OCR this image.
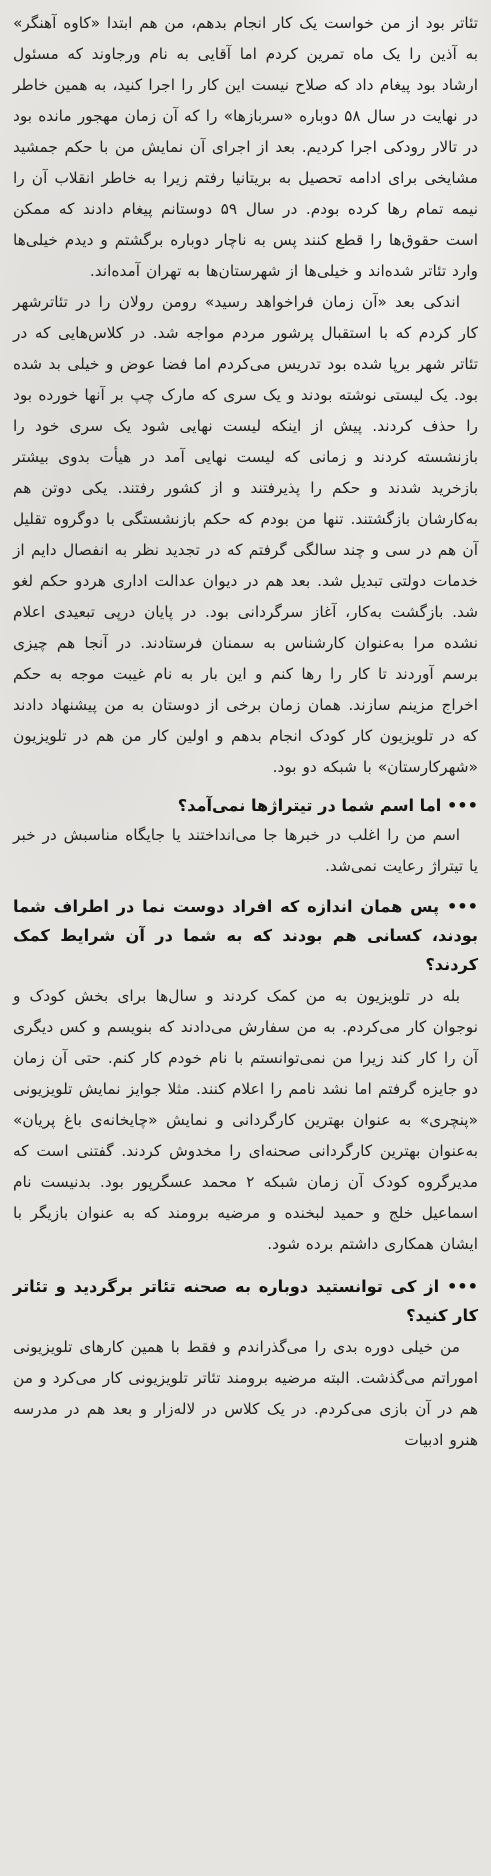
تئاتر بود از من خواست یک کار انجام بدهم، من هم ابتدا «کاوه آهنگر» به آذین را یک ماه تمرین کردم اما آقایی به نام ورجاوند که مسئول ارشاد بود پیغام داد که صلاح نیست این کار را اجرا کنید، به همین خاطر در نهایت در سال ۵۸ دوباره «سربازها» را که آن زمان مهجور مانده بود در تالار رودکی اجرا کردیم. بعد از اجرای آن نمایش من با حکم جمشید مشایخی برای ادامه تحصیل به بریتانیا رفتم زیرا به خاطر انقلاب آن را نیمه تمام رها کرده بودم. در سال ۵۹ دوستانم پیغام دادند که ممکن است حقوق‌ها را قطع کنند پس به ناچار دوباره برگشتم و دیدم خیلی‌ها وارد تئاتر شده‌اند و خیلی‌ها از شهرستان‌ها به تهران آمده‌اند.

اندکی بعد «آن زمان فراخواهد رسید» رومن رولان را در تئاترشهر کار کردم که با استقبال پرشور مردم مواجه شد. در کلاس‌هایی که در تئاتر شهر برپا شده بود تدریس می‌کردم اما فضا عوض و خیلی بد شده بود. یک لیستی نوشته بودند و یک سری که مارک چپ بر آنها خورده بود را حذف کردند. پیش از اینکه لیست نهایی شود یک سری خود را بازنشسته کردند و زمانی که لیست نهایی آمد در هیأت بدوی بیشتر بازخرید شدند و حکم را پذیرفتند و از کشور رفتند. یکی دوتن هم به‌کارشان بازگشتند. تنها من بودم که حکم بازنشستگی با دوگروه تقلیل آن هم در سی و چند سالگی گرفتم که در تجدید نظر به انفصال دایم از خدمات دولتی تبدیل شد. بعد هم در دیوان عدالت اداری هردو حکم لغو شد. بازگشت به‌کار، آغاز سرگردانی بود. در پایان درپی تبعیدی اعلام نشده مرا به‌عنوان کارشناس به سمنان فرستادند. در آنجا هم چیزی برسم آوردند تا کار را رها کنم و این بار به نام غیبت موجه به حکم اخراج مزینم سازند. همان زمان برخی از دوستان به من پیشنهاد دادند که در تلویزیون کار کودک انجام بدهم و اولین کار من هم در تلویزیون «شهرکارستان» با شبکه دو بود.

••• اما اسم شما در تیتراژها نمی‌آمد؟

اسم من را اغلب در خبرها جا می‌انداختند یا جایگاه مناسبش در خبر یا تیتراژ رعایت نمی‌شد.

••• پس همان اندازه که افراد دوست نما در اطراف شما بودند، کسانی هم بودند که به شما در آن شرایط کمک کردند؟

بله در تلویزیون به من کمک کردند و سال‌ها برای بخش کودک و نوجوان کار می‌کردم. به من سفارش می‌دادند که بنویسم و کس دیگری آن را کار کند زیرا من نمی‌توانستم با نام خودم کار کنم. حتی آن زمان دو جایزه گرفتم اما نشد نامم را اعلام کنند. مثلا جوایز نمایش تلویزیونی «پنچری» به عنوان بهترین کارگردانی و نمایش «چایخانه‌ی باغ پریان» به‌عنوان بهترین کارگردانی صحنه‌ای را مخدوش کردند. گفتنی است که مدیرگروه کودک آن زمان شبکه ۲ محمد عسگرپور بود. بدنیست نام اسماعیل خلج و حمید لبخنده و مرضیه برومند که به عنوان بازیگر با ایشان همکاری داشتم برده شود.

••• از کی توانستید دوباره به صحنه تئاتر برگردید و تئاتر کار کنید؟

من خیلی دوره بدی را می‌گذراندم و فقط با همین کارهای تلویزیونی اموراتم می‌گذشت. البته مرضیه برومند تئاتر تلویزیونی کار می‌کرد و من هم در آن بازی می‌کردم. در یک کلاس در لاله‌زار و بعد هم در مدرسه هنرو ادبیات
